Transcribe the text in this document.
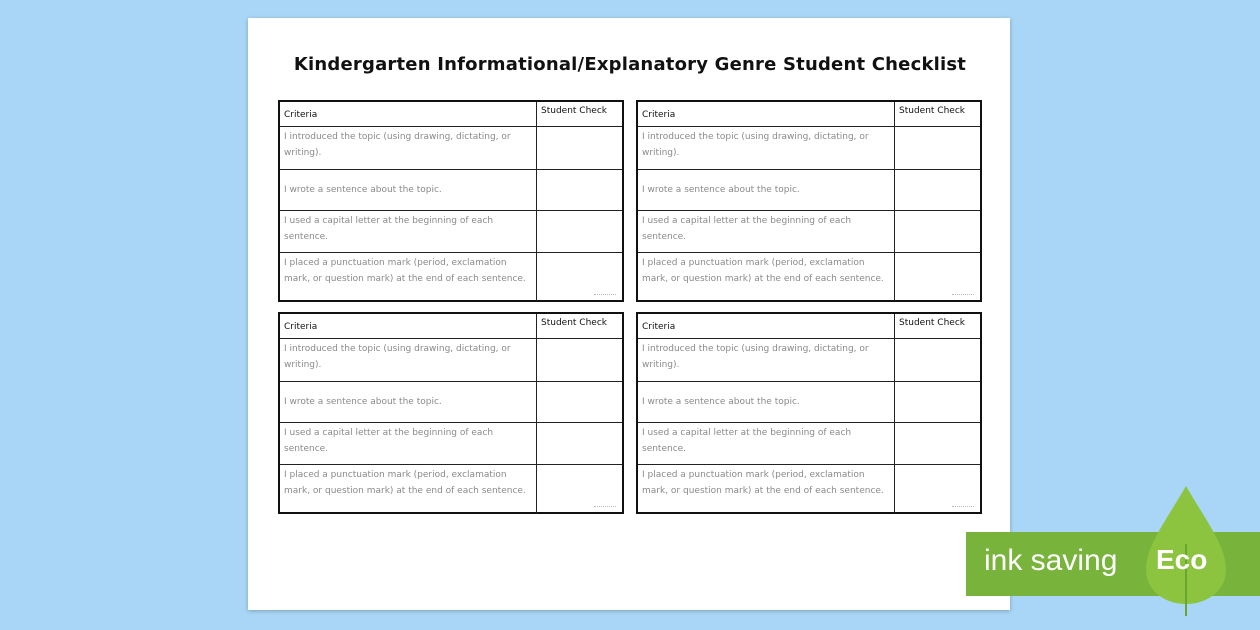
Kindergarten Informational/Explanatory Genre Student Checklist
Criteria	Student Check
I introduced the topic (using drawing, dictating, or writing).
I wrote a sentence about the topic.
I used a capital letter at the beginning of each sentence.
I placed a punctuation mark (period, exclamation mark, or question mark) at the end of each sentence.
Criteria	Student Check
I introduced the topic (using drawing, dictating, or writing).
I wrote a sentence about the topic.
I used a capital letter at the beginning of each sentence.
I placed a punctuation mark (period, exclamation mark, or question mark) at the end of each sentence.
Criteria	Student Check
I introduced the topic (using drawing, dictating, or writing).
I wrote a sentence about the topic.
I used a capital letter at the beginning of each sentence.
I placed a punctuation mark (period, exclamation mark, or question mark) at the end of each sentence.
Criteria	Student Check
I introduced the topic (using drawing, dictating, or writing).
I wrote a sentence about the topic.
I used a capital letter at the beginning of each sentence.
I placed a punctuation mark (period, exclamation mark, or question mark) at the end of each sentence.
ink saving Eco
